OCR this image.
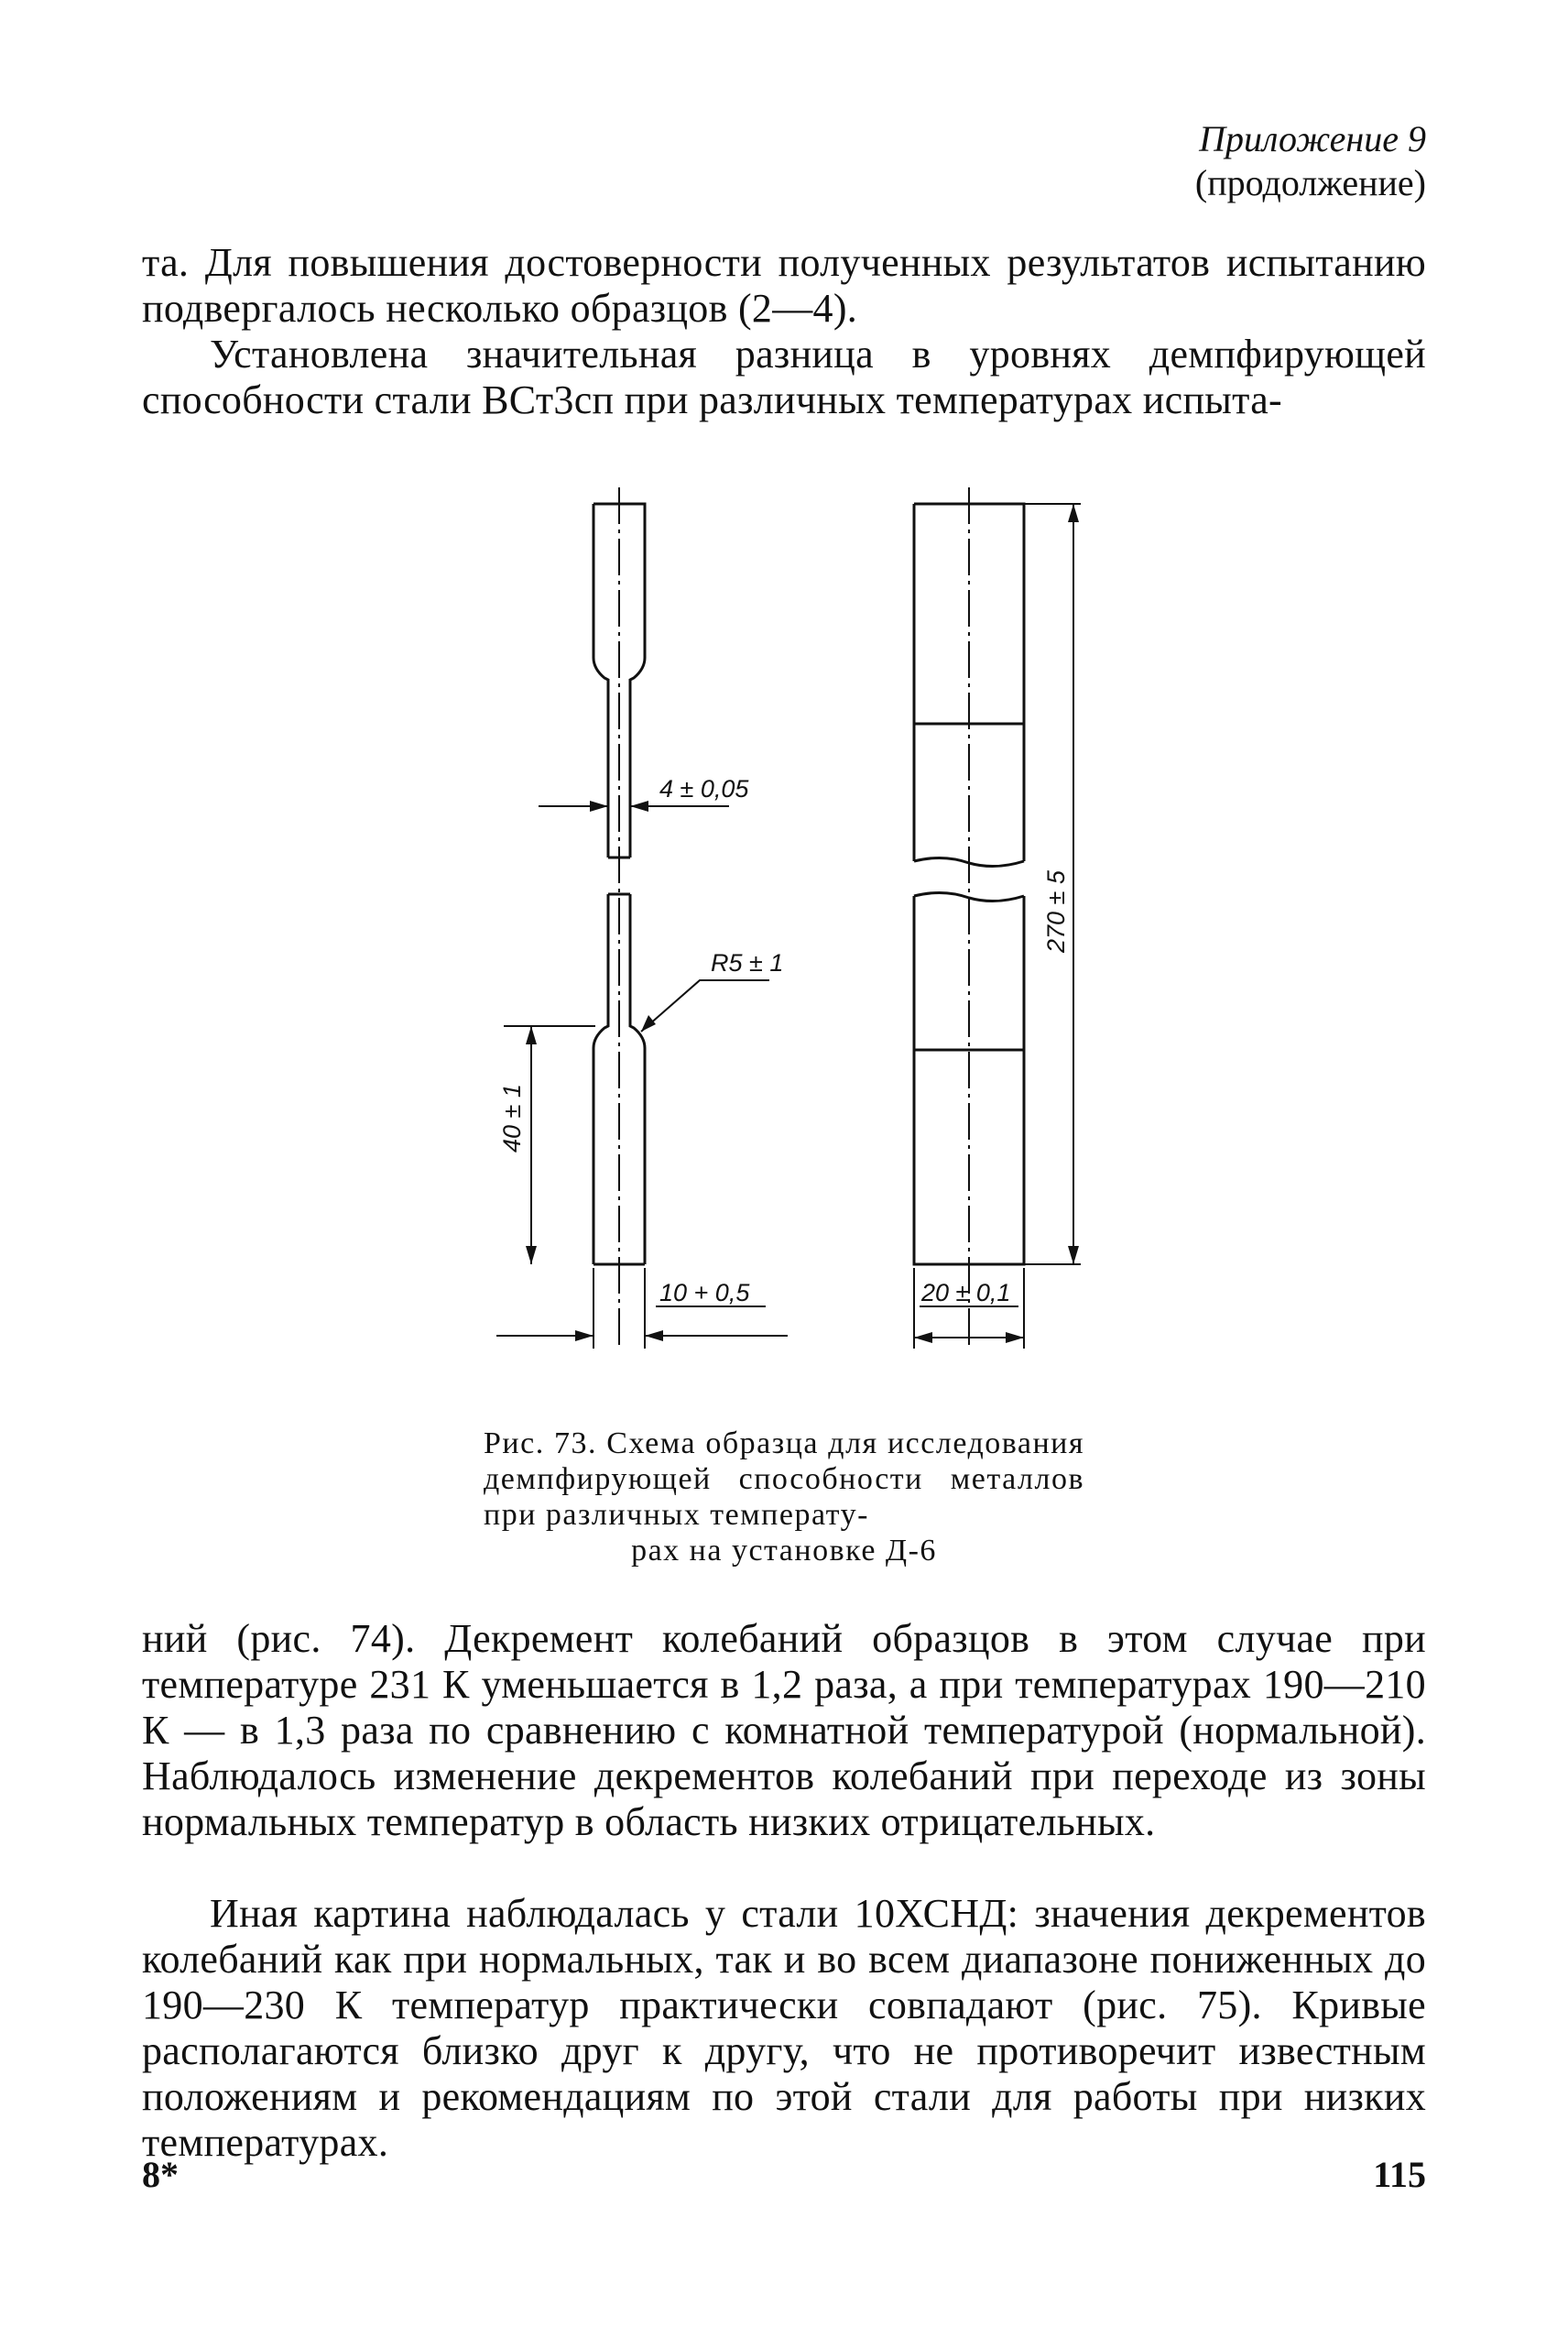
Приложение 9
(продолжение)

та. Для повышения достоверности полученных результатов испытанию подвергалось несколько образцов (2—4).

Установлена значительная разница в уровнях демпфирующей способности стали ВСт3сп при различных температурах испыта-

4 ± 0,05
R5 ± 1
40 ± 1
10 + 0,5
270 ± 5
20 ± 0,1

Рис. 73. Схема образца для исследования демпфирующей способности металлов при различных температу-
рах на установке Д-6

ний (рис. 74). Декремент колебаний образцов в этом случае при температуре 231 К уменьшается в 1,2 раза, а при температурах 190—210 К — в 1,3 раза по сравнению с комнатной температурой (нормальной). Наблюдалось изменение декрементов колебаний при переходе из зоны нормальных температур в область низких отрицательных.

Иная картина наблюдалась у стали 10ХСНД: значения декрементов колебаний как при нормальных, так и во всем диапазоне пониженных до 190—230 К температур практически совпадают (рис. 75). Кривые располагаются близко друг к другу, что не противоречит известным положениям и рекомендациям по этой стали для работы при низких температурах.

8*	115
